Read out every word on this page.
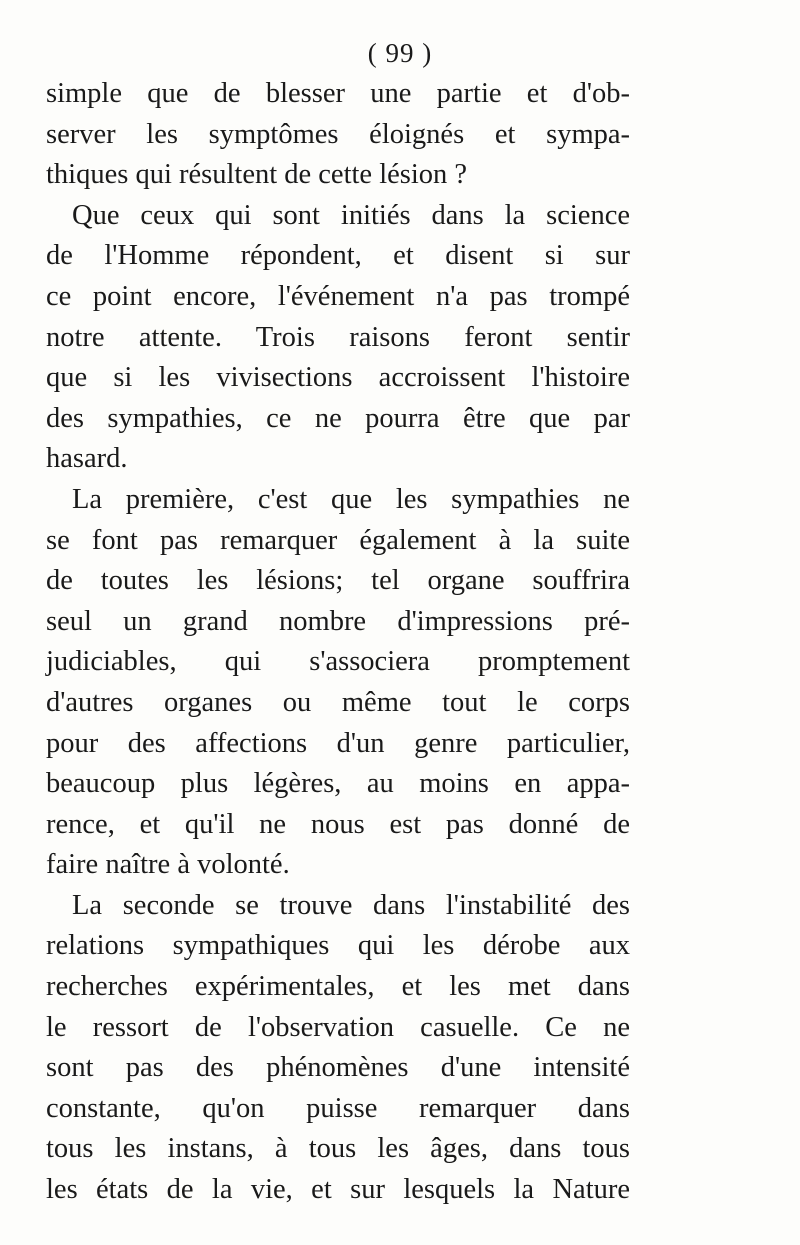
( 99 )
simple que de blesser une partie et d'ob-
server les symptômes éloignés et sympa-
thiques qui résultent de cette lésion ?
Que ceux qui sont initiés dans la science
de l'Homme répondent, et disent si sur
ce point encore, l'événement n'a pas trompé
notre attente. Trois raisons feront sentir
que si les vivisections accroissent l'histoire
des sympathies, ce ne pourra être que par
hasard.
La première, c'est que les sympathies ne
se font pas remarquer également à la suite
de toutes les lésions; tel organe souffrira
seul un grand nombre d'impressions pré-
judiciables, qui s'associera promptement
d'autres organes ou même tout le corps
pour des affections d'un genre particulier,
beaucoup plus légères, au moins en appa-
rence, et qu'il ne nous est pas donné de
faire naître à volonté.
La seconde se trouve dans l'instabilité des
relations sympathiques qui les dérobe aux
recherches expérimentales, et les met dans
le ressort de l'observation casuelle. Ce ne
sont pas des phénomènes d'une intensité
constante, qu'on puisse remarquer dans
tous les instans, à tous les âges, dans tous
les états de la vie, et sur lesquels la Nature
